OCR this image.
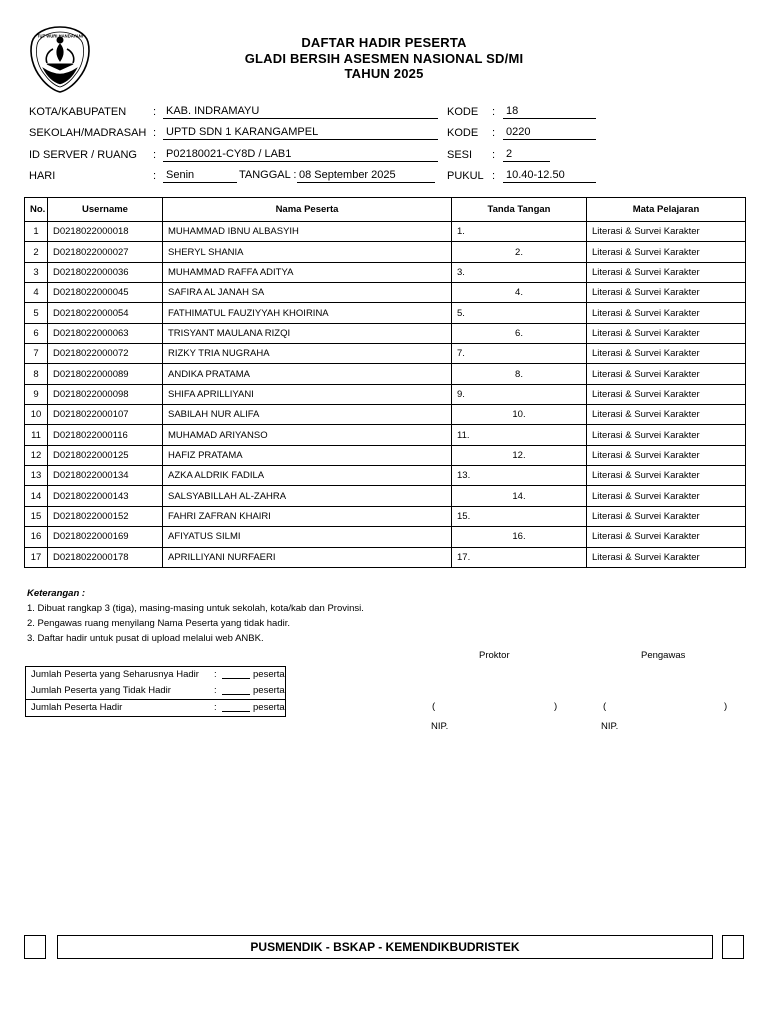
TUT WURI HANDAYANI	DAFTAR HADIR PESERTA
GLADI BERSIH ASESMEN NASIONAL SD/MI
TAHUN 2025
KOTA/KABUPATEN : KAB. INDRAMAYU
SEKOLAH/MADRASAH : UPTD SDN 1 KARANGAMPEL
ID SERVER / RUANG : P02180021-CY8D / LAB1
HARI	: Senin	TANGGAL : 08 September 2025
KODE : 18
KODE : 0220
SESI : 2
PUKUL : 10.40-12.50
No.	Username	Nama Peserta	Tanda Tangan	Mata Pelajaran
1	D0218022000018	MUHAMMAD IBNU ALBASYIH	1.	Literasi & Survei Karakter
2	D0218022000027	SHERYL SHANIA	2.	Literasi & Survei Karakter
3	D0218022000036	MUHAMMAD RAFFA ADITYA	3.	Literasi & Survei Karakter
4	D0218022000045	SAFIRA AL JANAH SA	4.	Literasi & Survei Karakter
5	D0218022000054	FATHIMATUL FAUZIYYAH KHOIRINA	5.	Literasi & Survei Karakter
6	D0218022000063	TRISYANT MAULANA RIZQI	6.	Literasi & Survei Karakter
7	D0218022000072	RIZKY TRIA NUGRAHA	7.	Literasi & Survei Karakter
8	D0218022000089	ANDIKA PRATAMA	8.	Literasi & Survei Karakter
9	D0218022000098	SHIFA APRILLIYANI	9.	Literasi & Survei Karakter
10	D0218022000107	SABILAH NUR ALIFA	10.	Literasi & Survei Karakter
11	D0218022000116	MUHAMAD ARIYANSO	11.	Literasi & Survei Karakter
12	D0218022000125	HAFIZ PRATAMA	12.	Literasi & Survei Karakter
13	D0218022000134	AZKA ALDRIK FADILA	13.	Literasi & Survei Karakter
14	D0218022000143	SALSYABILLAH AL-ZAHRA	14.	Literasi & Survei Karakter
15	D0218022000152	FAHRI ZAFRAN KHAIRI	15.	Literasi & Survei Karakter
16	D0218022000169	AFIYATUS SILMI	16.	Literasi & Survei Karakter
17	D0218022000178	APRILLIYANI NURFAERI	17.	Literasi & Survei Karakter
Keterangan :
1. Dibuat rangkap 3 (tiga), masing-masing untuk sekolah, kota/kab dan Provinsi.
2. Pengawas ruang menyilang Nama Peserta yang tidak hadir.
3. Daftar hadir untuk pusat di upload melalui web ANBK.
Jumlah Peserta yang Seharusnya Hadir :	peserta
Jumlah Peserta yang Tidak Hadir	:	peserta
Jumlah Peserta Hadir	:	peserta
Proktor	Pengawas
(	)	(	)
NIP.	NIP.
PUSMENDIK - BSKAP - KEMENDIKBUDRISTEK
